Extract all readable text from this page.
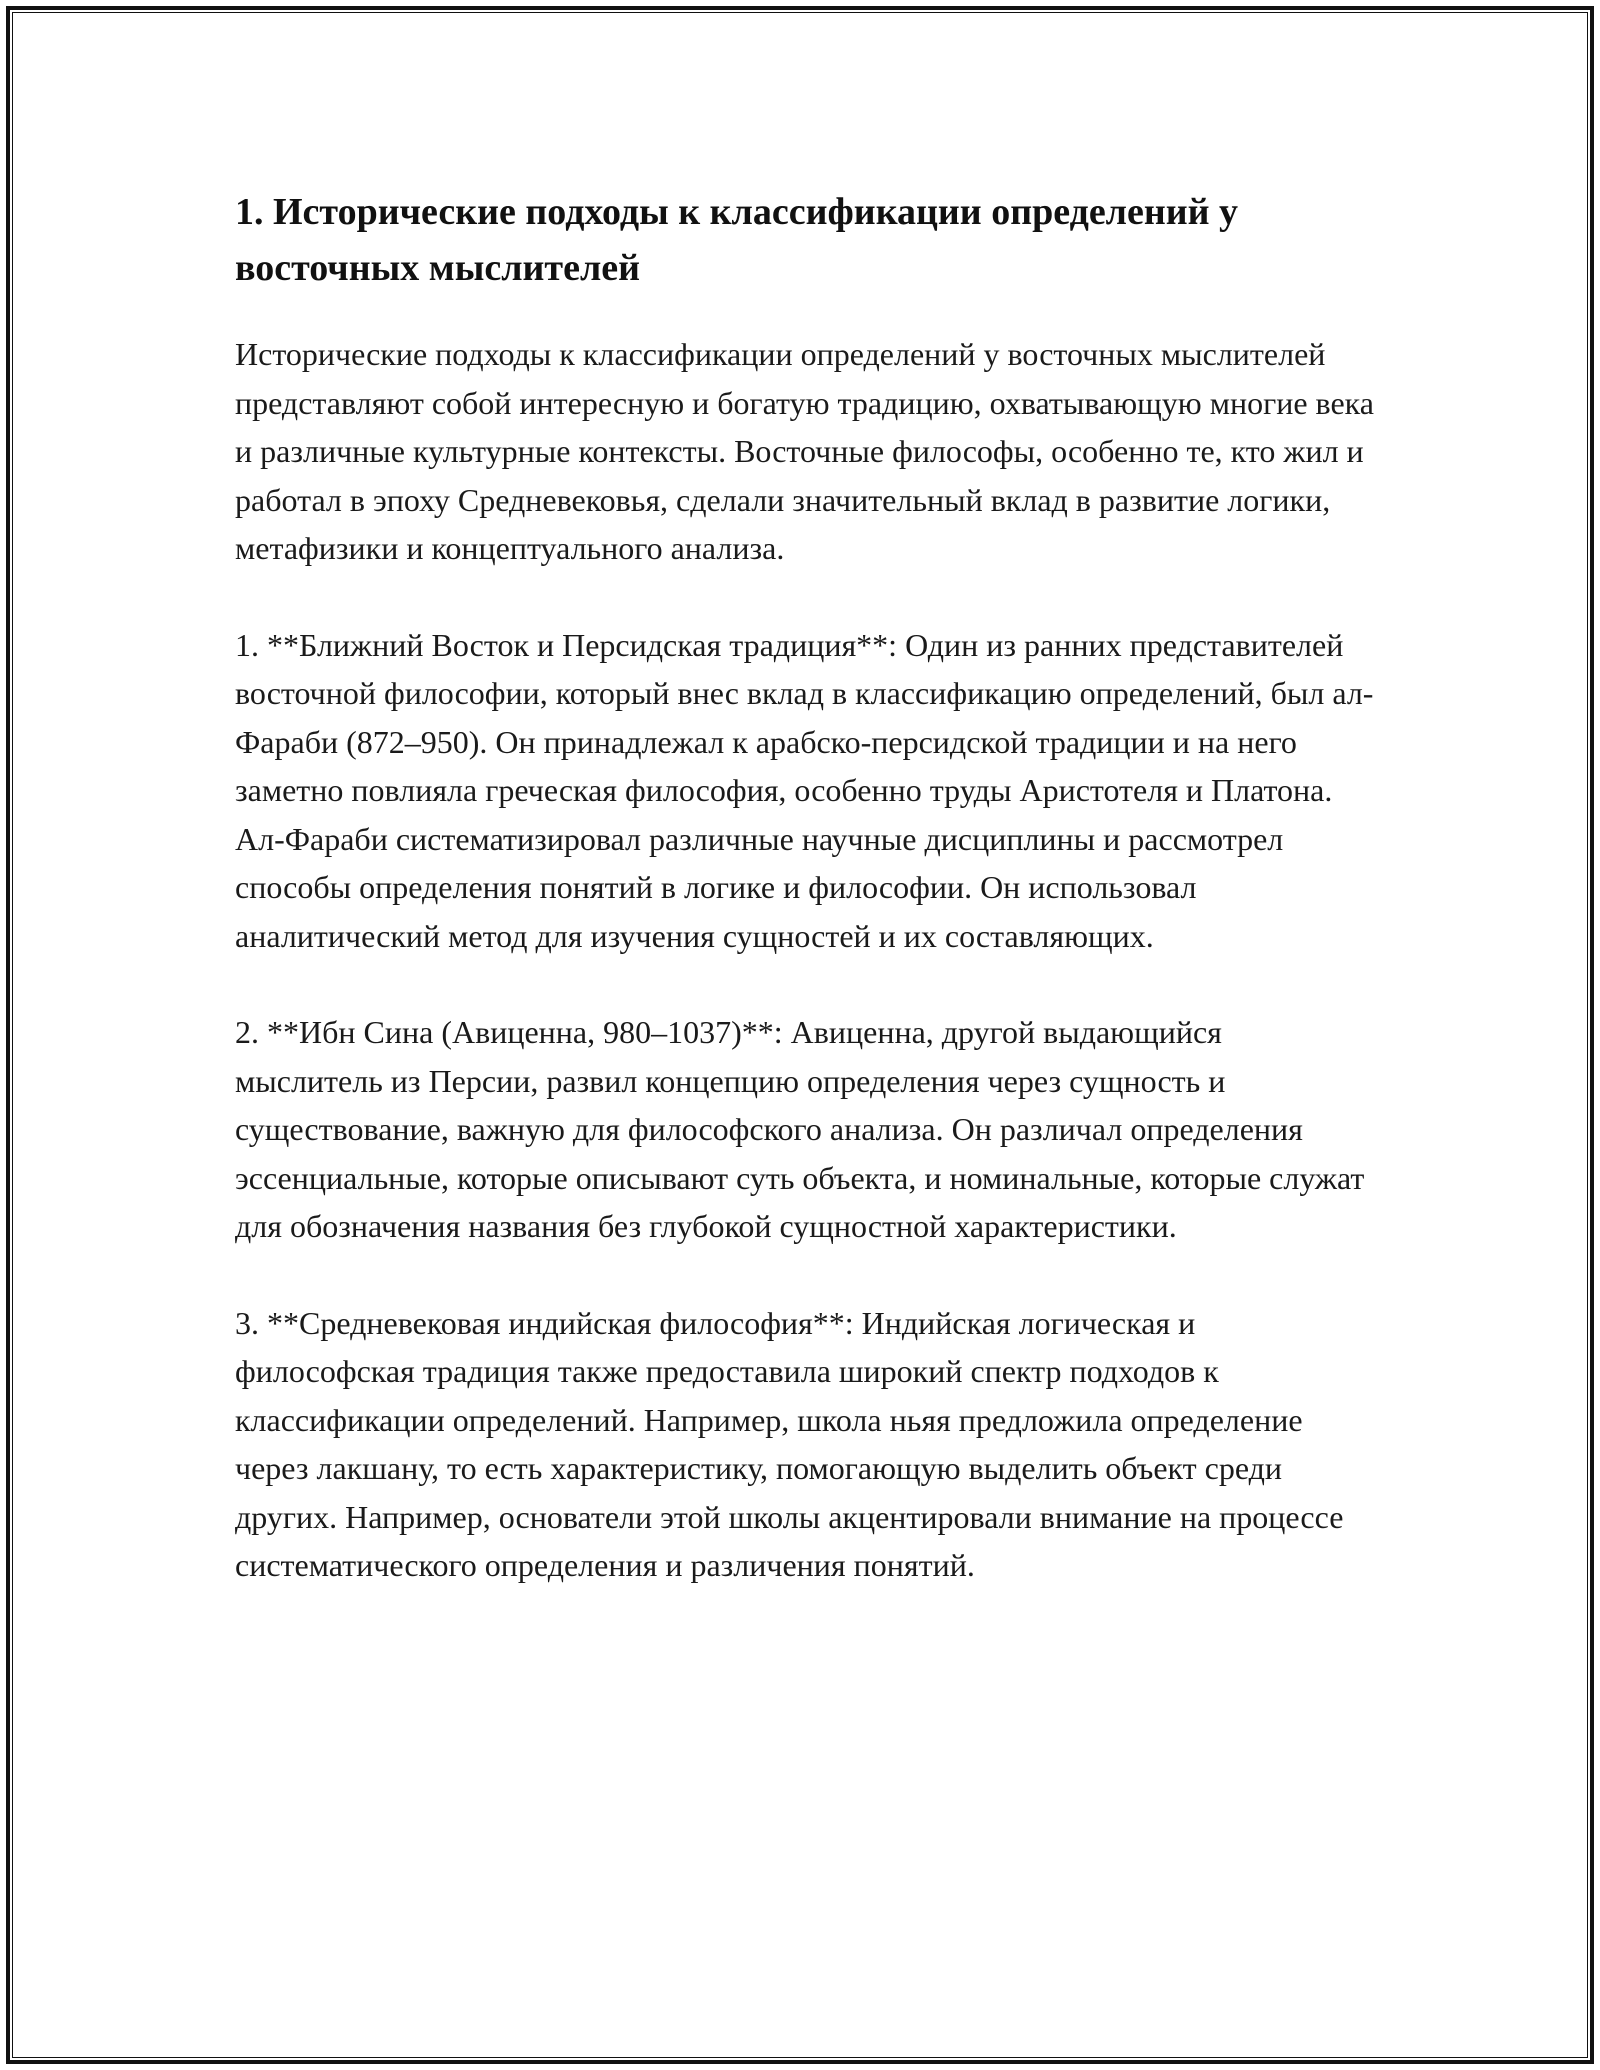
1. Исторические подходы к классификации определений у восточных мыслителей

Исторические подходы к классификации определений у восточных мыслителей представляют собой интересную и богатую традицию, охватывающую многие века и различные культурные контексты. Восточные философы, особенно те, кто жил и работал в эпоху Средневековья, сделали значительный вклад в развитие логики, метафизики и концептуального анализа.

1. **Ближний Восток и Персидская традиция**: Один из ранних представителей восточной философии, который внес вклад в классификацию определений, был ал-Фараби (872–950). Он принадлежал к арабско-персидской традиции и на него заметно повлияла греческая философия, особенно труды Аристотеля и Платона. Ал-Фараби систематизировал различные научные дисциплины и рассмотрел способы определения понятий в логике и философии. Он использовал аналитический метод для изучения сущностей и их составляющих.

2. **Ибн Сина (Авиценна, 980–1037)**: Авиценна, другой выдающийся мыслитель из Персии, развил концепцию определения через сущность и существование, важную для философского анализа. Он различал определения эссенциальные, которые описывают суть объекта, и номинальные, которые служат для обозначения названия без глубокой сущностной характеристики.

3. **Средневековая индийская философия**: Индийская логическая и философская традиция также предоставила широкий спектр подходов к классификации определений. Например, школа ньяя предложила определение через лакшану, то есть характеристику, помогающую выделить объект среди других. Например, основатели этой школы акцентировали внимание на процессе систематического определения и различения понятий.
